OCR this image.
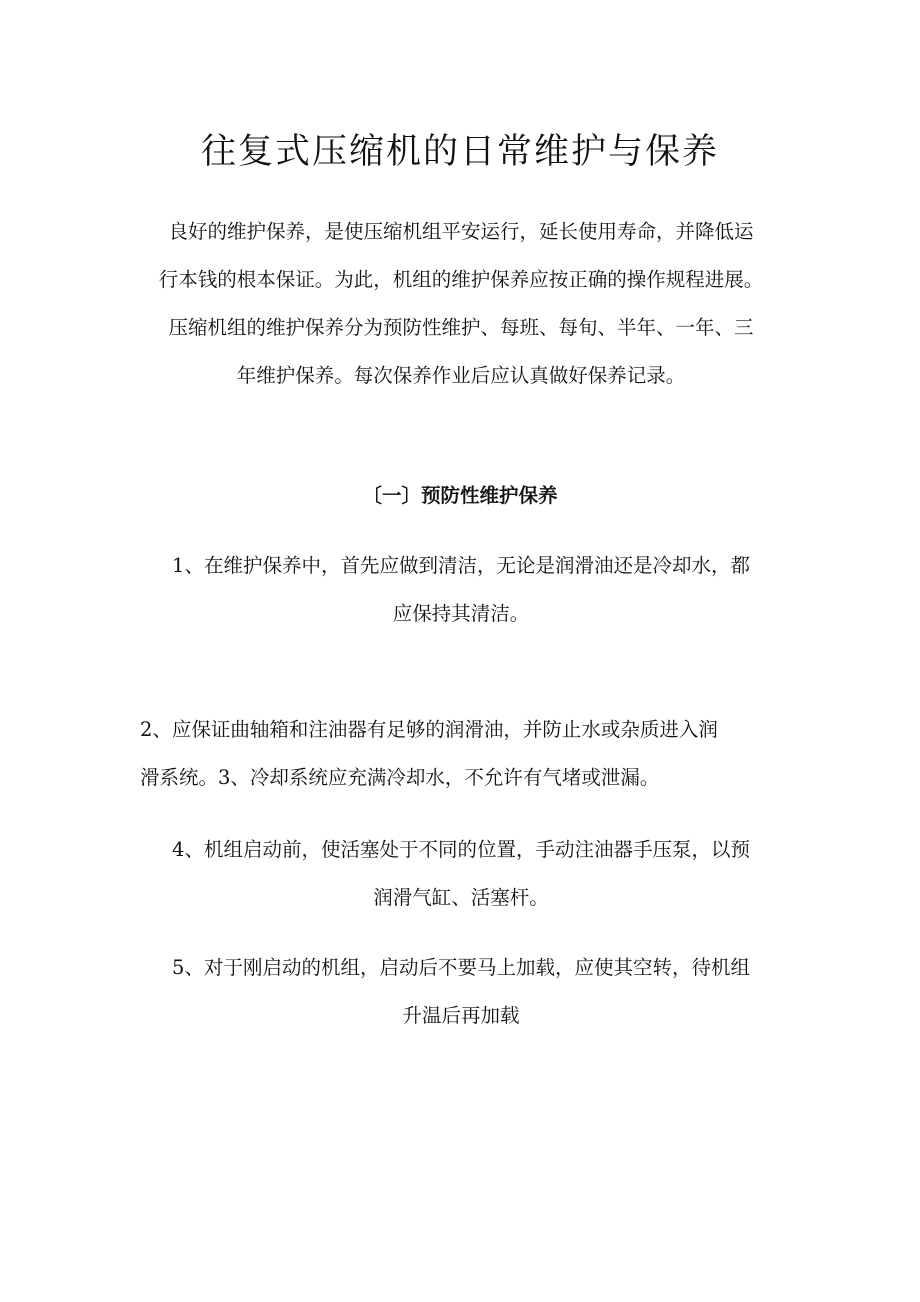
往复式压缩机的日常维护与保养
良好的维护保养，是使压缩机组平安运行，延长使用寿命，并降低运
行本钱的根本保证。为此，机组的维护保养应按正确的操作规程进展。
压缩机组的维护保养分为预防性维护、每班、每旬、半年、一年、三
年维护保养。每次保养作业后应认真做好保养记录。
〔一〕预防性维护保养
1、在维护保养中，首先应做到清洁，无论是润滑油还是冷却水，都
应保持其清洁。
2、应保证曲轴箱和注油器有足够的润滑油，并防止水或杂质进入润
滑系统。3、冷却系统应充满冷却水，不允许有气堵或泄漏。
4、机组启动前，使活塞处于不同的位置，手动注油器手压泵，以预
润滑气缸、活塞杆。
5、对于刚启动的机组，启动后不要马上加载，应使其空转，待机组
升温后再加载
